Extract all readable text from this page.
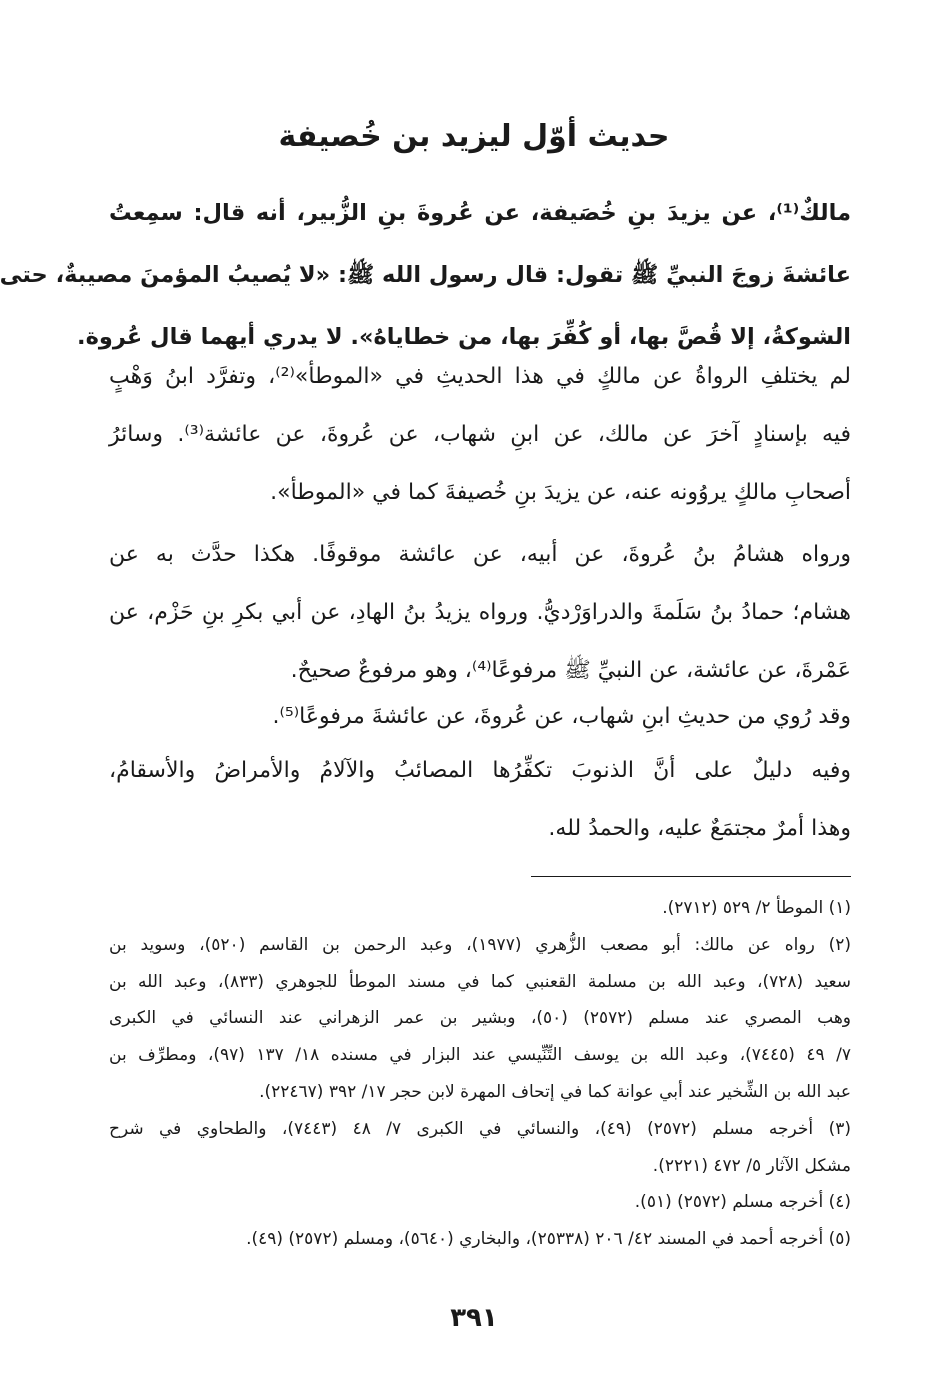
حديث أوّل ليزيد بن خُصيفة
مالكٌ⁽¹⁾، عن يزيدَ بنِ خُصَيفة، عن عُروةَ بنِ الزُّبير، أنه قال: سمِعتُ
عائشةَ زوجَ النبيِّ ﷺ تقول: قال رسول الله ﷺ: «لا يُصيبُ المؤمنَ مصيبةٌ، حتى
الشوكةُ، إلا قُصَّ بها، أو كُفِّرَ بها، من خطاياهُ». لا يدري أيهما قال عُروة.
لم يختلفِ الرواةُ عن مالكٍ في هذا الحديثِ في «الموطأ»⁽²⁾، وتفرَّد ابنُ وَهْبٍ
فيه بإسنادٍ آخرَ عن مالك، عن ابنِ شهاب، عن عُروةَ، عن عائشة⁽³⁾. وسائرُ
أصحابِ مالكٍ يروُونه عنه، عن يزيدَ بنِ خُصيفةَ كما في «الموطأ».
ورواه هشامُ بنُ عُروةَ، عن أبيه، عن عائشة موقوفًا. هكذا حدَّث به عن
هشام؛ حمادُ بنُ سَلَمةَ والدراوَرْديُّ. ورواه يزيدُ بنُ الهادِ، عن أبي بكرِ بنِ حَزْم، عن
عَمْرةَ، عن عائشة، عن النبيِّ ﷺ مرفوعًا⁽⁴⁾، وهو مرفوعٌ صحيحٌ.
وقد رُوي من حديثِ ابنِ شهاب، عن عُروةَ، عن عائشةَ مرفوعًا⁽⁵⁾.
وفيه دليلٌ على أنَّ الذنوبَ تكفِّرُها المصائبُ والآلامُ والأمراضُ والأسقامُ،
وهذا أمرٌ مجتمَعٌ عليه، والحمدُ لله.
(١) الموطأ ٢/ ٥٢٩ (٢٧١٢).
(٢) رواه عن مالك: أبو مصعب الزُّهري (١٩٧٧)، وعبد الرحمن بن القاسم (٥٢٠)، وسويد بن
سعيد (٧٢٨)، وعبد الله بن مسلمة القعنبي كما في مسند الموطأ للجوهري (٨٣٣)، وعبد الله بن
وهب المصري عند مسلم (٢٥٧٢) (٥٠)، وبشير بن عمر الزهراني عند النسائي في الكبرى
٧/ ٤٩ (٧٤٤٥)، وعبد الله بن يوسف التِّنِّيسي عند البزار في مسنده ١٨/ ١٣٧ (٩٧)، ومطرِّف بن
عبد الله بن الشِّخير عند أبي عوانة كما في إتحاف المهرة لابن حجر ١٧/ ٣٩٢ (٢٢٤٦٧).
(٣) أخرجه مسلم (٢٥٧٢) (٤٩)، والنسائي في الكبرى ٧/ ٤٨ (٧٤٤٣)، والطحاوي في شرح
مشكل الآثار ٥/ ٤٧٢ (٢٢٢١).
(٤) أخرجه مسلم (٢٥٧٢) (٥١).
(٥) أخرجه أحمد في المسند ٤٢/ ٢٠٦ (٢٥٣٣٨)، والبخاري (٥٦٤٠)، ومسلم (٢٥٧٢) (٤٩).
٣٩١
